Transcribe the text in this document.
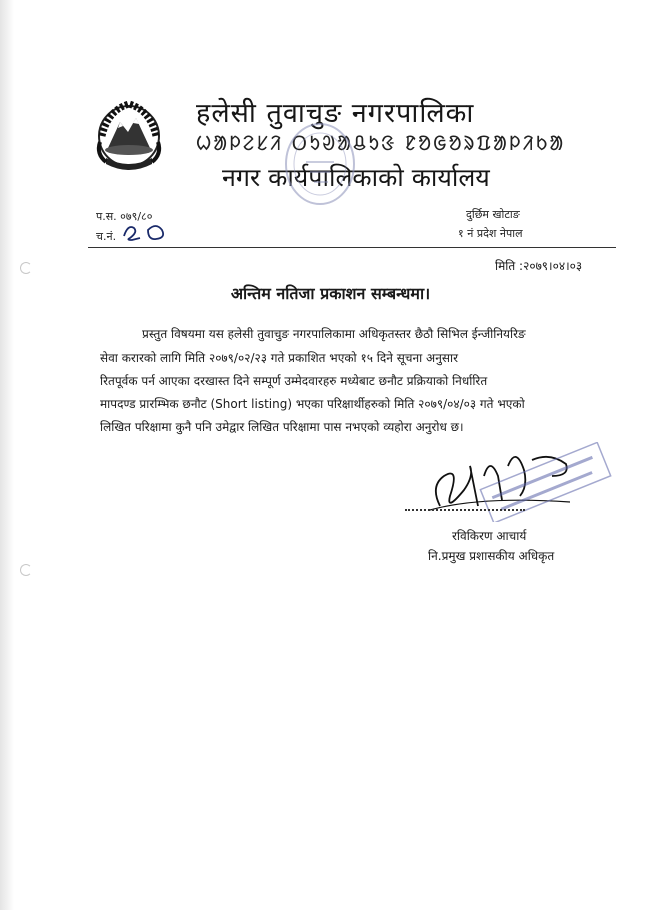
हलेसी तुवाचुङ नगरपालिका
ᱦᱟᱞᱮᱥᱤ ᱛᱩᱣᱟᱪᱩᱝ ᱱᱚᱜᱚᱨᱯᱟᱞᱤᱠᱟ
नगर कार्यपालिकाको कार्यालय
प.स. ०७९/८०
च.नं.
दुर्छिम खोटाङ
१ नं प्रदेश नेपाल
मिति :२०७९।०४।०३
अन्तिम नतिजा प्रकाशन सम्बन्धमा।
प्रस्तुत विषयमा यस हलेसी तुवाचुङ नगरपालिकामा अधिकृतस्तर छैठौ सिभिल ईन्जीनियरिङ
सेवा करारको लागि मिति २०७९/०२/२३ गते प्रकाशित भएको १५ दिने सूचना अनुसार
रितपूर्वक पर्न आएका दरखास्त दिने सम्पूर्ण उम्मेदवारहरु मध्येबाट छनौट प्रक्रियाको निर्धारित
मापदण्ड प्रारम्भिक छनौट (Short listing) भएका परिक्षार्थीहरुको मिति २०७९/०४/०३ गते भएको
लिखित परिक्षामा कुनै पनि उमेद्वार लिखित परिक्षामा पास नभएको व्यहोरा अनुरोध छ।
रविकिरण आचार्य
नि.प्रमुख प्रशासकीय अधिकृत
